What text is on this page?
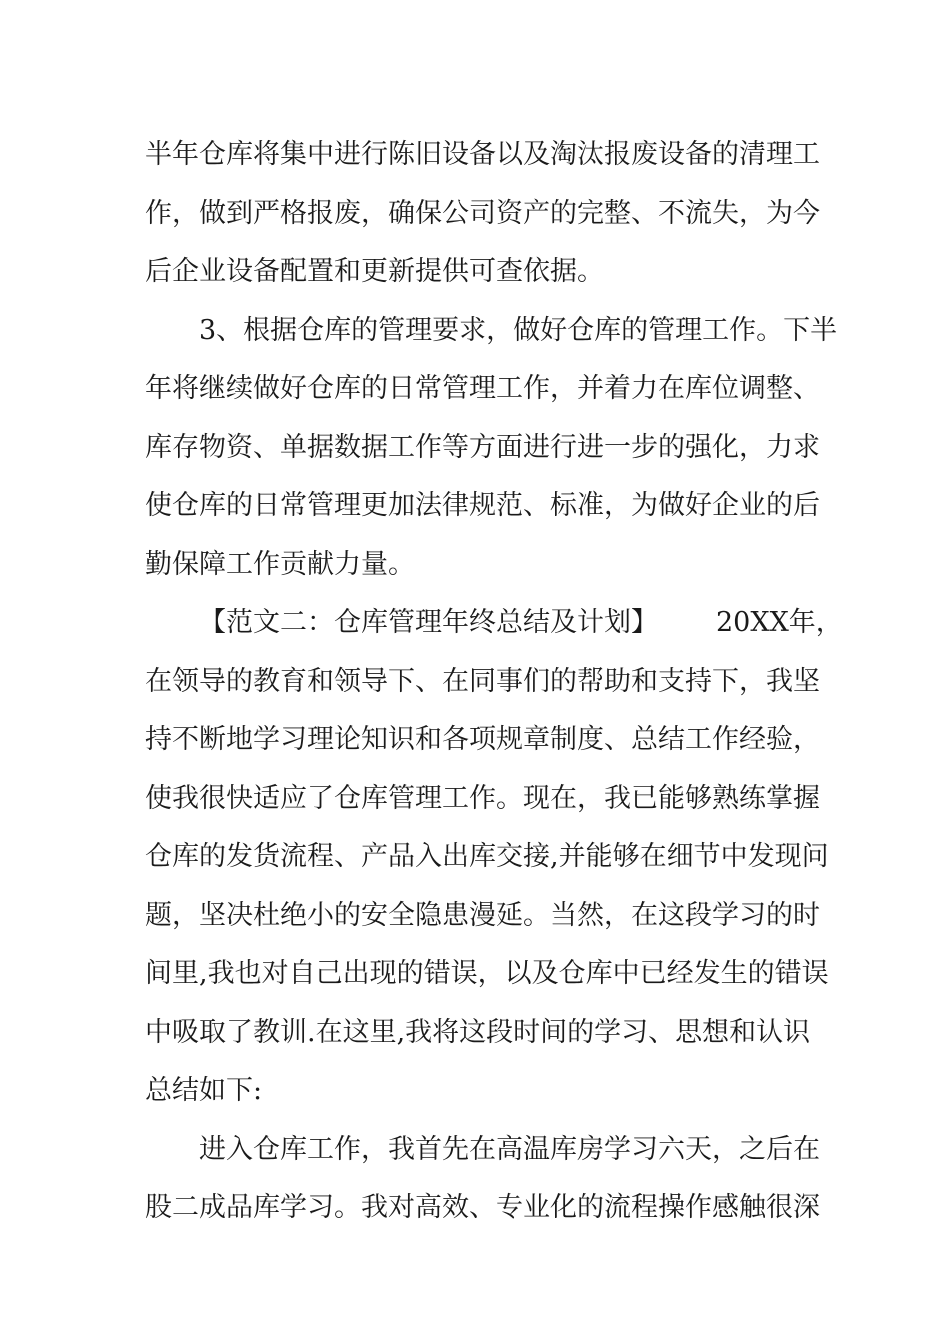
半年仓库将集中进行陈旧设备以及淘汰报废设备的清理工
作，做到严格报废，确保公司资产的完整、不流失，为今
后企业设备配置和更新提供可查依据。
3、根据仓库的管理要求，做好仓库的管理工作。下半
年将继续做好仓库的日常管理工作，并着力在库位调整、
库存物资、单据数据工作等方面进行进一步的强化，力求
使仓库的日常管理更加法律规范、标准，为做好企业的后
勤保障工作贡献力量。
【范文二：仓库管理年终总结及计划】 20XX年，
在领导的教育和领导下、在同事们的帮助和支持下，我坚
持不断地学习理论知识和各项规章制度、总结工作经验，
使我很快适应了仓库管理工作。现在，我已能够熟练掌握
仓库的发货流程、产品入出库交接,并能够在细节中发现问
题，坚决杜绝小的安全隐患漫延。当然，在这段学习的时
间里,我也对自己出现的错误，以及仓库中已经发生的错误
中吸取了教训.在这里,我将这段时间的学习、思想和认识
总结如下:
进入仓库工作，我首先在高温库房学习六天，之后在
股二成品库学习。我对高效、专业化的流程操作感触很深
